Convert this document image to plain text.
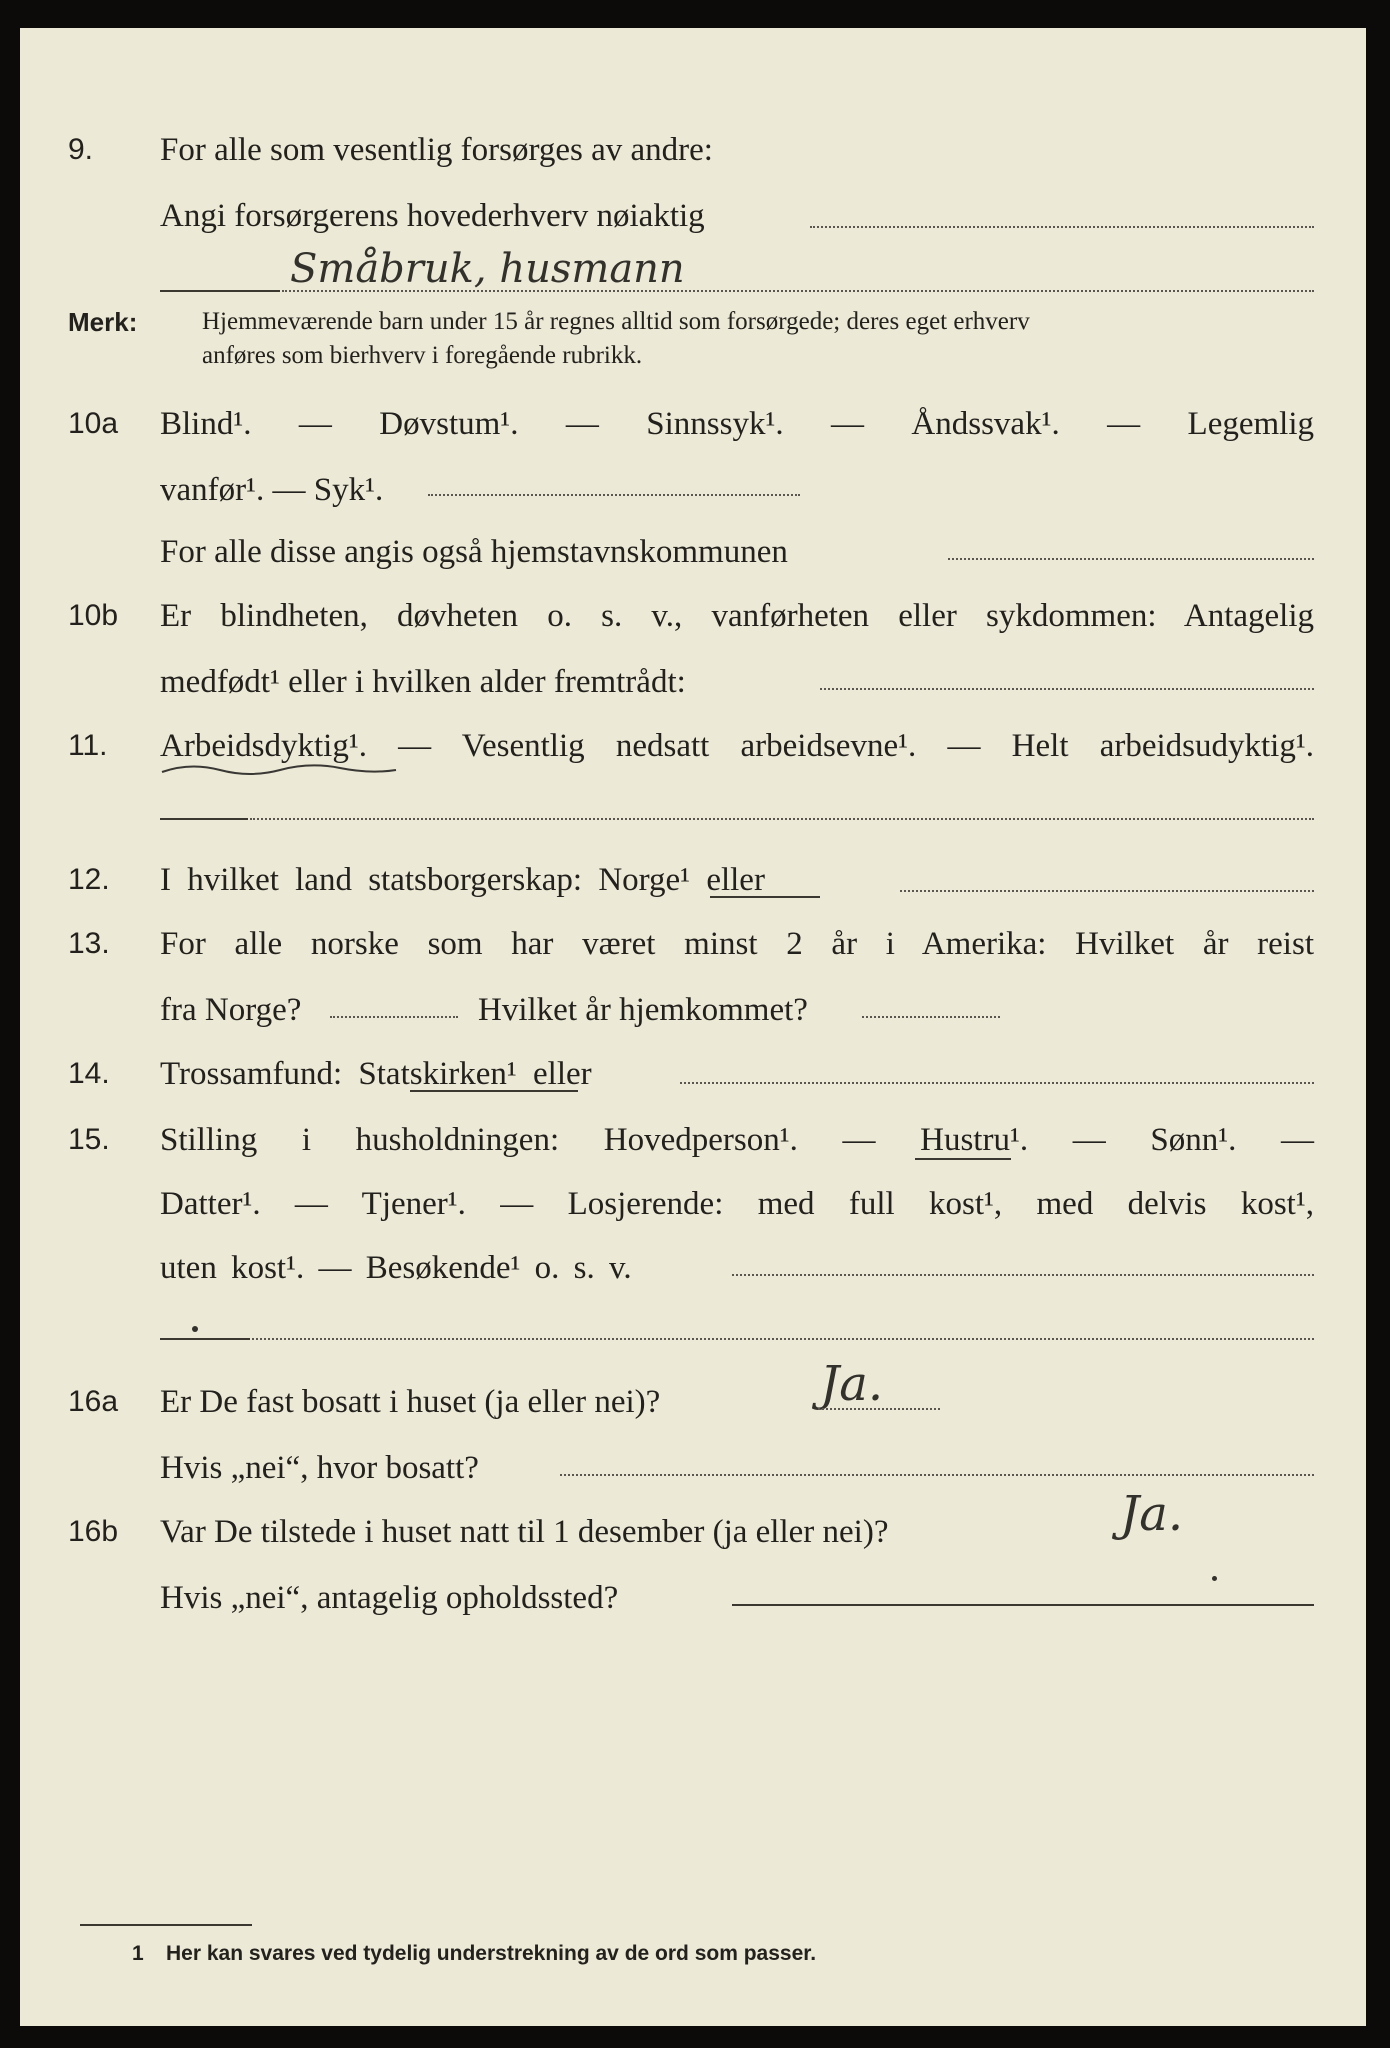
9. For alle som vesentlig forsørges av andre:
Angi forsørgerens hovederhverv nøiaktig
Småbruk, husmann
Merk:	Hjemmeværende barn under 15 år regnes alltid som forsørgede; deres eget erhverv
anføres som bierhverv i foregående rubrikk.
10a Blind¹. — Døvstum¹. — Sinnssyk¹. — Åndssvak¹. — Legemlig
vanfør¹. — Syk¹.
For alle disse angis også hjemstavnskommunen
10b Er blindheten, døvheten o. s. v., vanførheten eller sykdommen: Antagelig
medfødt¹ eller i hvilken alder fremtrådt:
11. Arbeidsdyktig¹. — Vesentlig nedsatt arbeidsevne¹. — Helt arbeidsudyktig¹.
12. I hvilket land statsborgerskap: Norge¹ eller
13. For alle norske som har været minst 2 år i Amerika: Hvilket år reist
fra Norge?	Hvilket år hjemkommet?
14. Trossamfund: Statskirken¹ eller
15. Stilling i husholdningen: Hovedperson¹. — Hustru¹. — Sønn¹. —
Datter¹. — Tjener¹. — Losjerende: med full kost¹, med delvis kost¹,
uten kost¹. — Besøkende¹ o. s. v.
16a Er De fast bosatt i huset (ja eller nei)?	Ja.
Hvis „nei“, hvor bosatt?
16b Var De tilstede i huset natt til 1 desember (ja eller nei)?	Ja.
Hvis „nei“, antagelig opholdssted?
1 Her kan svares ved tydelig understrekning av de ord som passer.
